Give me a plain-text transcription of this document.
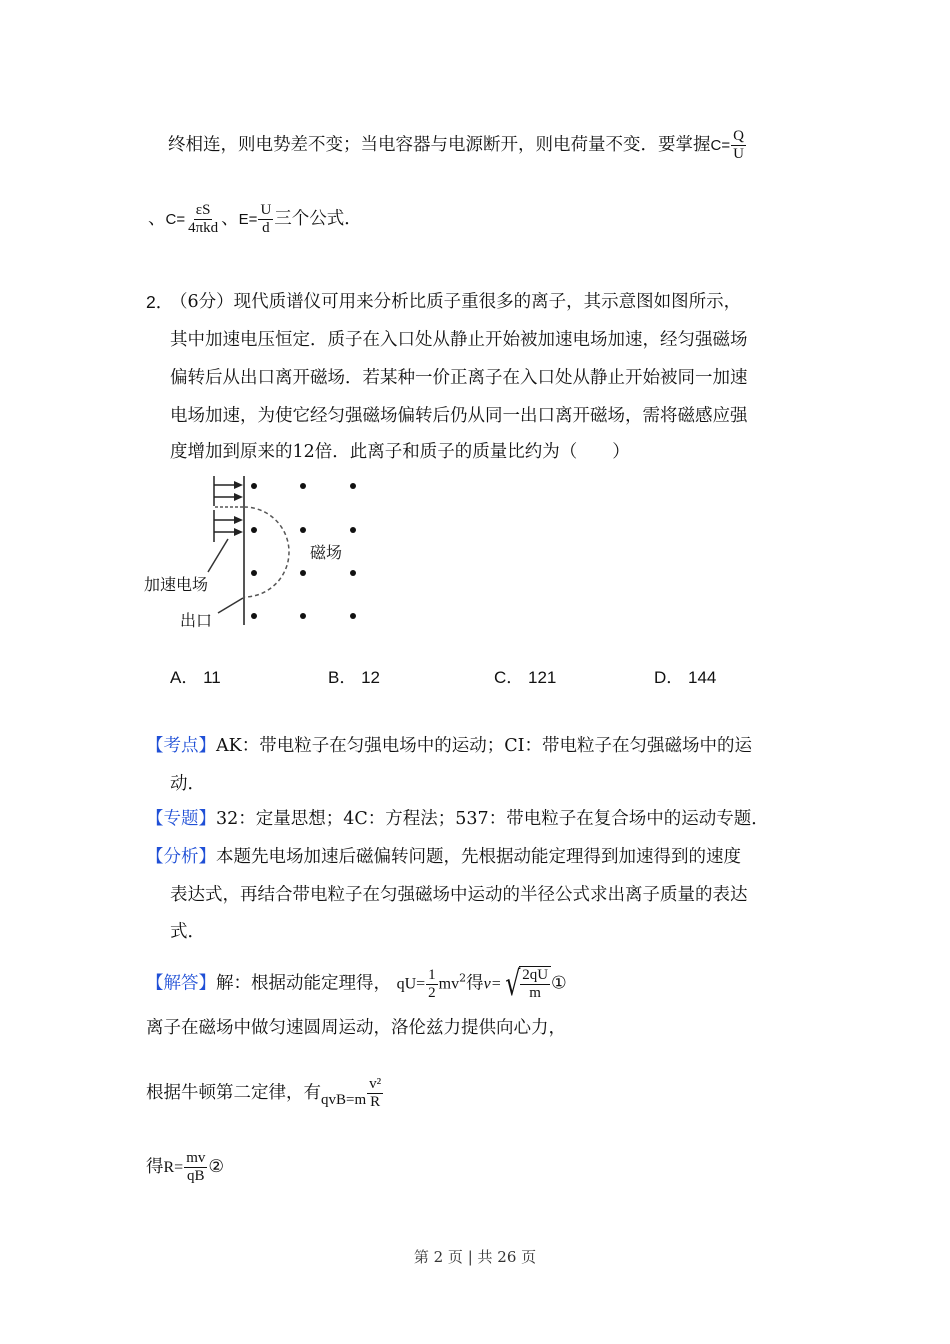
终相连，则电势差不变；当电容器与电源断开，则电荷量不变．要掌握$C= \frac{Q}{U}$
、$C= \frac{\varepsilon S}{\text{4πkd}}$ 、$E= \frac{U}{d}$ 三个公式．
2．
（6分）现代质谱仪可用来分析比质子重很多的离子，其示意图如图所示，
其中加速电压恒定．质子在入口处从静止开始被加速电场加速，经匀强磁场
偏转后从出口离开磁场．若某种一价正离子在入口处从静止开始被同一加速
电场加速，为使它经匀强磁场偏转后仍从同一出口离开磁场，需将磁感应强
度增加到原来的12倍．此离子和质子的质量比约为（　　）
加速电场
出口
磁场
A． 11	B． 12	C． 121	D． 144
【考点】AK：带电粒子在匀强电场中的运动；CI：带电粒子在匀强磁场中的运
动．
【专题】32：定量思想；4C：方程法；537：带电粒子在复合场中的运动专题．
【分析】本题先电场加速后磁偏转问题，先根据动能定理得到加速得到的速度
表达式，再结合带电粒子在匀强磁场中运动的半径公式求出离子质量的表达
式．
【解答】解：根据动能定理得， $qU= \frac{1}{2} mv^2$得v= √ $\frac{2qU}{m}$ ①
离子在磁场中做匀速圆周运动，洛伦兹力提供向心力，
根据牛顿第二定律，有$qvB=m \frac{\text{v²}}{R}$
得$R= \frac{mv}{qB}$ ②
第 2 页 | 共 26 页
